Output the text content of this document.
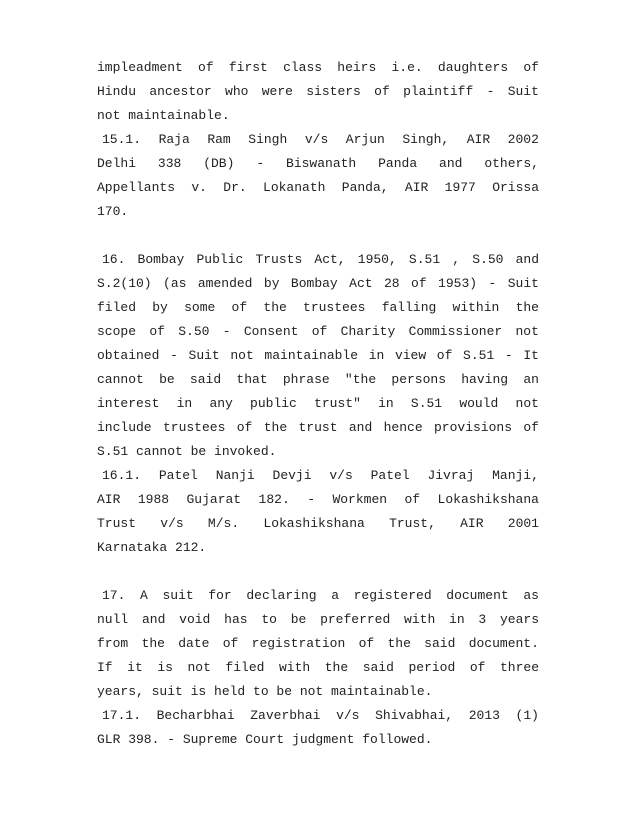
impleadment of first class heirs i.e. daughters of
Hindu ancestor who were sisters of plaintiff - Suit
not maintainable.
15.1. Raja Ram Singh v/s Arjun Singh, AIR 2002
Delhi 338 (DB) - Biswanath Panda and others,
Appellants v. Dr. Lokanath Panda, AIR 1977 Orissa
170.
16. Bombay Public Trusts Act, 1950, S.51 , S.50 and
S.2(10) (as amended by Bombay Act 28 of 1953) - Suit
filed by some of the trustees falling within the
scope of S.50 - Consent of Charity Commissioner not
obtained - Suit not maintainable in view of S.51 - It
cannot be said that phrase "the persons having an
interest in any public trust" in S.51 would not
include trustees of the trust and hence provisions of
S.51 cannot be invoked.
16.1. Patel Nanji Devji v/s Patel Jivraj Manji,
AIR 1988 Gujarat 182. - Workmen of Lokashikshana
Trust v/s M/s. Lokashikshana Trust, AIR 2001
Karnataka 212.
17. A suit for declaring a registered document as
null and void has to be preferred with in 3 years
from the date of registration of the said document.
If it is not filed with the said period of three
years, suit is held to be not maintainable.
17.1. Becharbhai Zaverbhai v/s Shivabhai, 2013 (1)
GLR 398. - Supreme Court judgment followed.
